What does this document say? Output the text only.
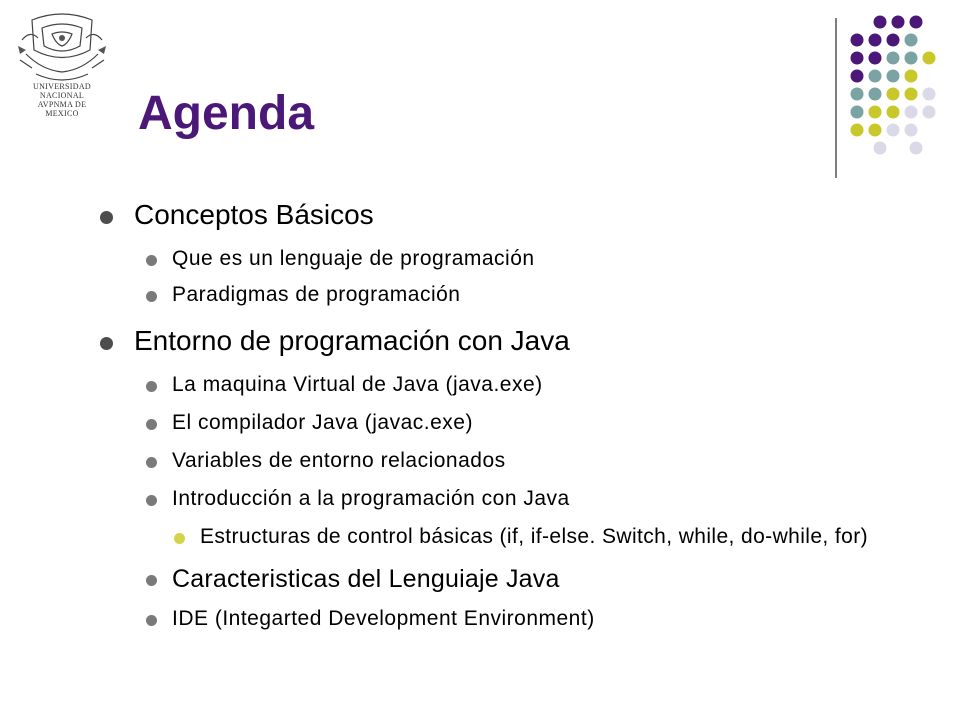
UNIVERSIDAD NACIONAL
AVPNMA DE
MEXICO	Agenda
Conceptos Básicos
Que es un lenguaje de programación
Paradigmas de programación
Entorno de programación con Java
La maquina Virtual de Java (java.exe)
El compilador Java (javac.exe)
Variables de entorno relacionados
Introducción a la programación con Java
Estructuras de control básicas (if, if-else. Switch, while, do-while, for)
Caracteristicas del Lenguiaje Java
IDE (Integarted Development Environment)
